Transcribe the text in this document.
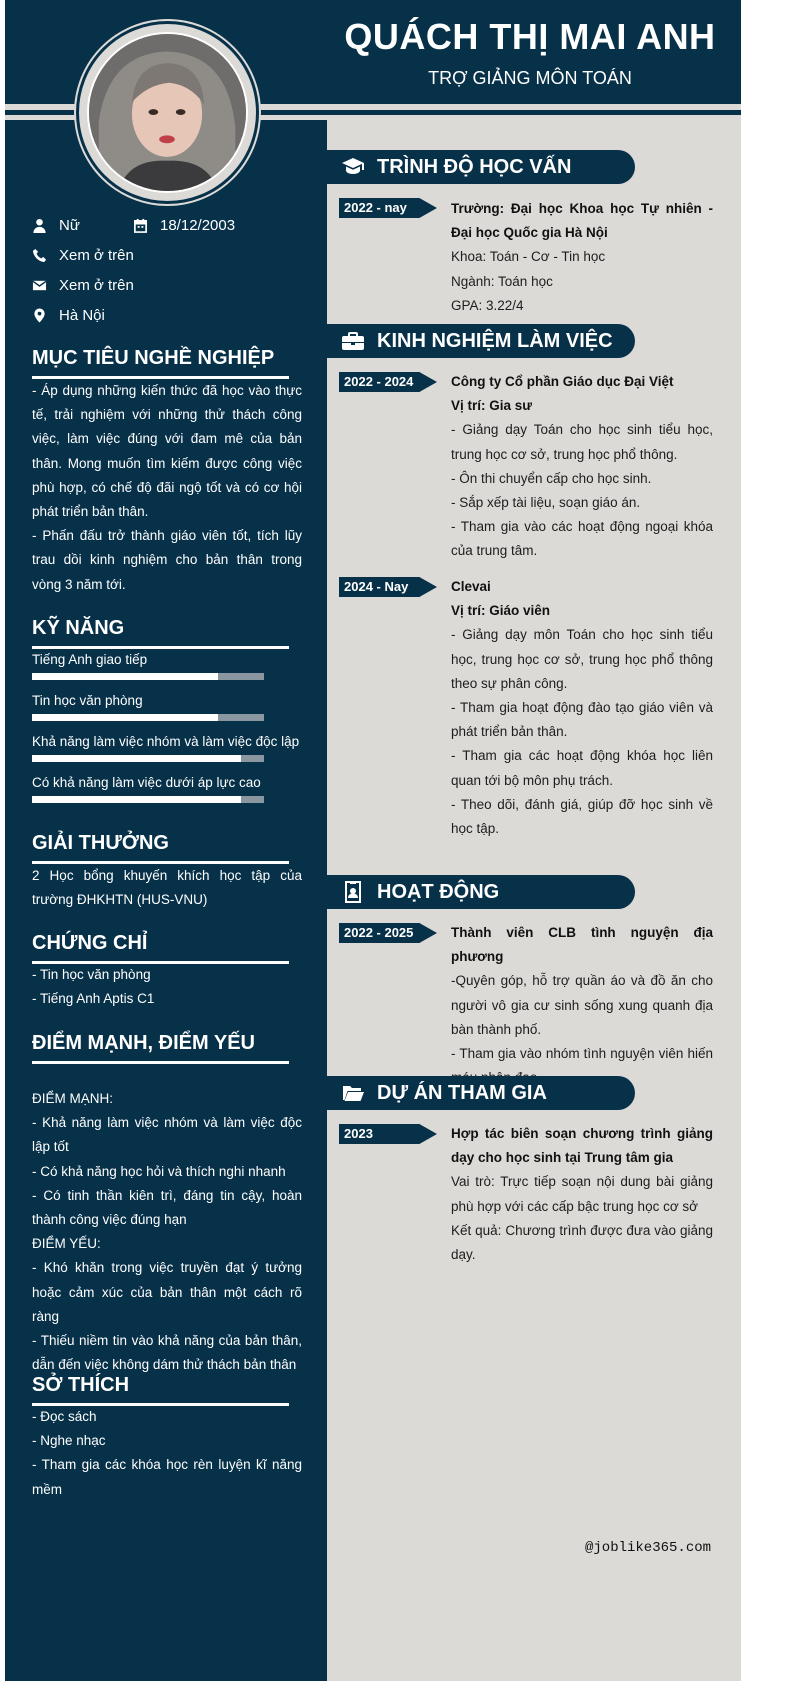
QUÁCH THỊ MAI ANH
TRỢ GIẢNG MÔN TOÁN
Nữ	18/12/2003
Xem ở trên
Xem ở trên
Hà Nội
MỤC TIÊU NGHỀ NGHIỆP

- Áp dụng những kiến thức đã học vào thực tế, trải nghiệm với những thử thách công việc, làm việc đúng với đam mê của bản thân. Mong muốn tìm kiếm được công việc phù hợp, có chế độ đãi ngộ tốt và có cơ hội phát triển bản thân.

- Phấn đấu trở thành giáo viên tốt, tích lũy trau dồi kinh nghiệm cho bản thân trong vòng 3 năm tới.

KỸ NĂNG
Tiếng Anh giao tiếp
Tin học văn phòng
Khả năng làm việc nhóm và làm việc độc lập
Có khả năng làm việc dưới áp lực cao
GIẢI THƯỞNG
2 Học bổng khuyến khích học tập của trường ĐHKHTN (HUS-VNU)
CHỨNG CHỈ

- Tin học văn phòng

- Tiếng Anh Aptis C1

ĐIỂM MẠNH, ĐIỂM YẾU

ĐIỂM MẠNH:

- Khả năng làm việc nhóm và làm việc độc lập tốt

- Có khả năng học hỏi và thích nghi nhanh

- Có tinh thần kiên trì, đáng tin cậy, hoàn thành công việc đúng hạn

ĐIỂM YẾU:

- Khó khăn trong việc truyền đạt ý tưởng hoặc cảm xúc của bản thân một cách rõ ràng

- Thiếu niềm tin vào khả năng của bản thân, dẫn đến việc không dám thử thách bản thân

SỞ THÍCH

- Đọc sách

- Nghe nhạc

- Tham gia các khóa học rèn luyện kĩ năng mềm

TRÌNH ĐỘ HỌC VẤN
2022 - nay	Trường: Đại học Khoa học Tự nhiên - Đại học Quốc gia Hà Nội
Khoa: Toán - Cơ - Tin học
Ngành: Toán học
GPA: 3.22/4
KINH NGHIỆM LÀM VIỆC
2022 - 2024	Công ty Cổ phần Giáo dục Đại Việt
Vị trí: Gia sư
- Giảng dạy Toán cho học sinh tiểu học, trung học cơ sở, trung học phổ thông.
- Ôn thi chuyển cấp cho học sinh.
- Sắp xếp tài liệu, soạn giáo án.
- Tham gia vào các hoạt động ngoại khóa của trung tâm.
2024 - Nay	Clevai
Vị trí: Giáo viên
- Giảng dạy môn Toán cho học sinh tiểu học, trung học cơ sở, trung học phổ thông theo sự phân công.
- Tham gia hoạt động đào tạo giáo viên và phát triển bản thân.
- Tham gia các hoạt động khóa học liên quan tới bộ môn phụ trách.
- Theo dõi, đánh giá, giúp đỡ học sinh về học tập.
HOẠT ĐỘNG
2022 - 2025	Thành viên CLB tình nguyện địa phương
-Quyên góp, hỗ trợ quần áo và đồ ăn cho người vô gia cư sinh sống xung quanh địa bàn thành phố.
- Tham gia vào nhóm tình nguyện viên hiến
DỰ ÁN THAM GIA
2023	Hợp tác biên soạn chương trình giảng dạy cho học sinh tại Trung tâm gia
Vai trò: Trực tiếp soạn nội dung bài giảng phù hợp với các cấp bậc trung học cơ sở
Kết quả: Chương trình được đưa vào giảng dạy.
@joblike365.com
